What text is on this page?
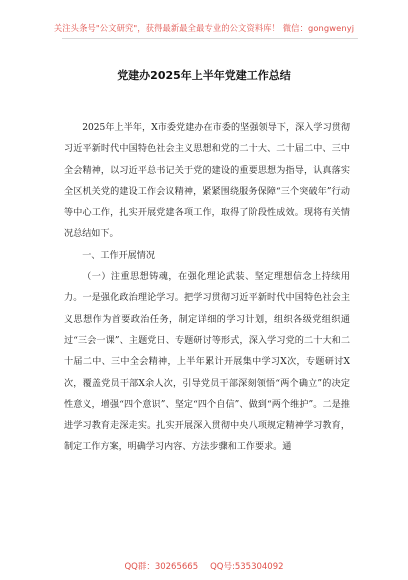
关注头条号"公文研究"，获得最新最全最专业的公文资料库！ 微信：gongwenyj
党建办2025年上半年党建工作总结

2025年上半年，X市委党建办在市委的坚强领导下，深入学习贯彻习近平新时代中国特色社会主义思想和党的二十大、二十届二中、三中全会精神，以习近平总书记关于党的建设的重要思想为指导，认真落实全区机关党的建设工作会议精神，紧紧围绕服务保障“三个突破年”行动等中心工作，扎实开展党建各项工作，取得了阶段性成效。现将有关情况总结如下。

一、工作开展情况

（一）注重思想铸魂，在强化理论武装、坚定理想信念上持续用力。一是强化政治理论学习。把学习贯彻习近平新时代中国特色社会主义思想作为首要政治任务，制定详细的学习计划，组织各级党组织通过“三会一课”、主题党日、专题研讨等形式，深入学习党的二十大和二十届二中、三中全会精神，上半年累计开展集中学习X次，专题研讨X次，覆盖党员干部X余人次，引导党员干部深刻领悟“两个确立”的决定性意义，增强“四个意识”、坚定“四个自信”、做到“两个维护”。二是推进学习教育走深走实。扎实开展深入贯彻中央八项规定精神学习教育，制定工作方案，明确学习内容、方法步骤和工作要求。通

QQ群：30265665 QQ号:535304092
